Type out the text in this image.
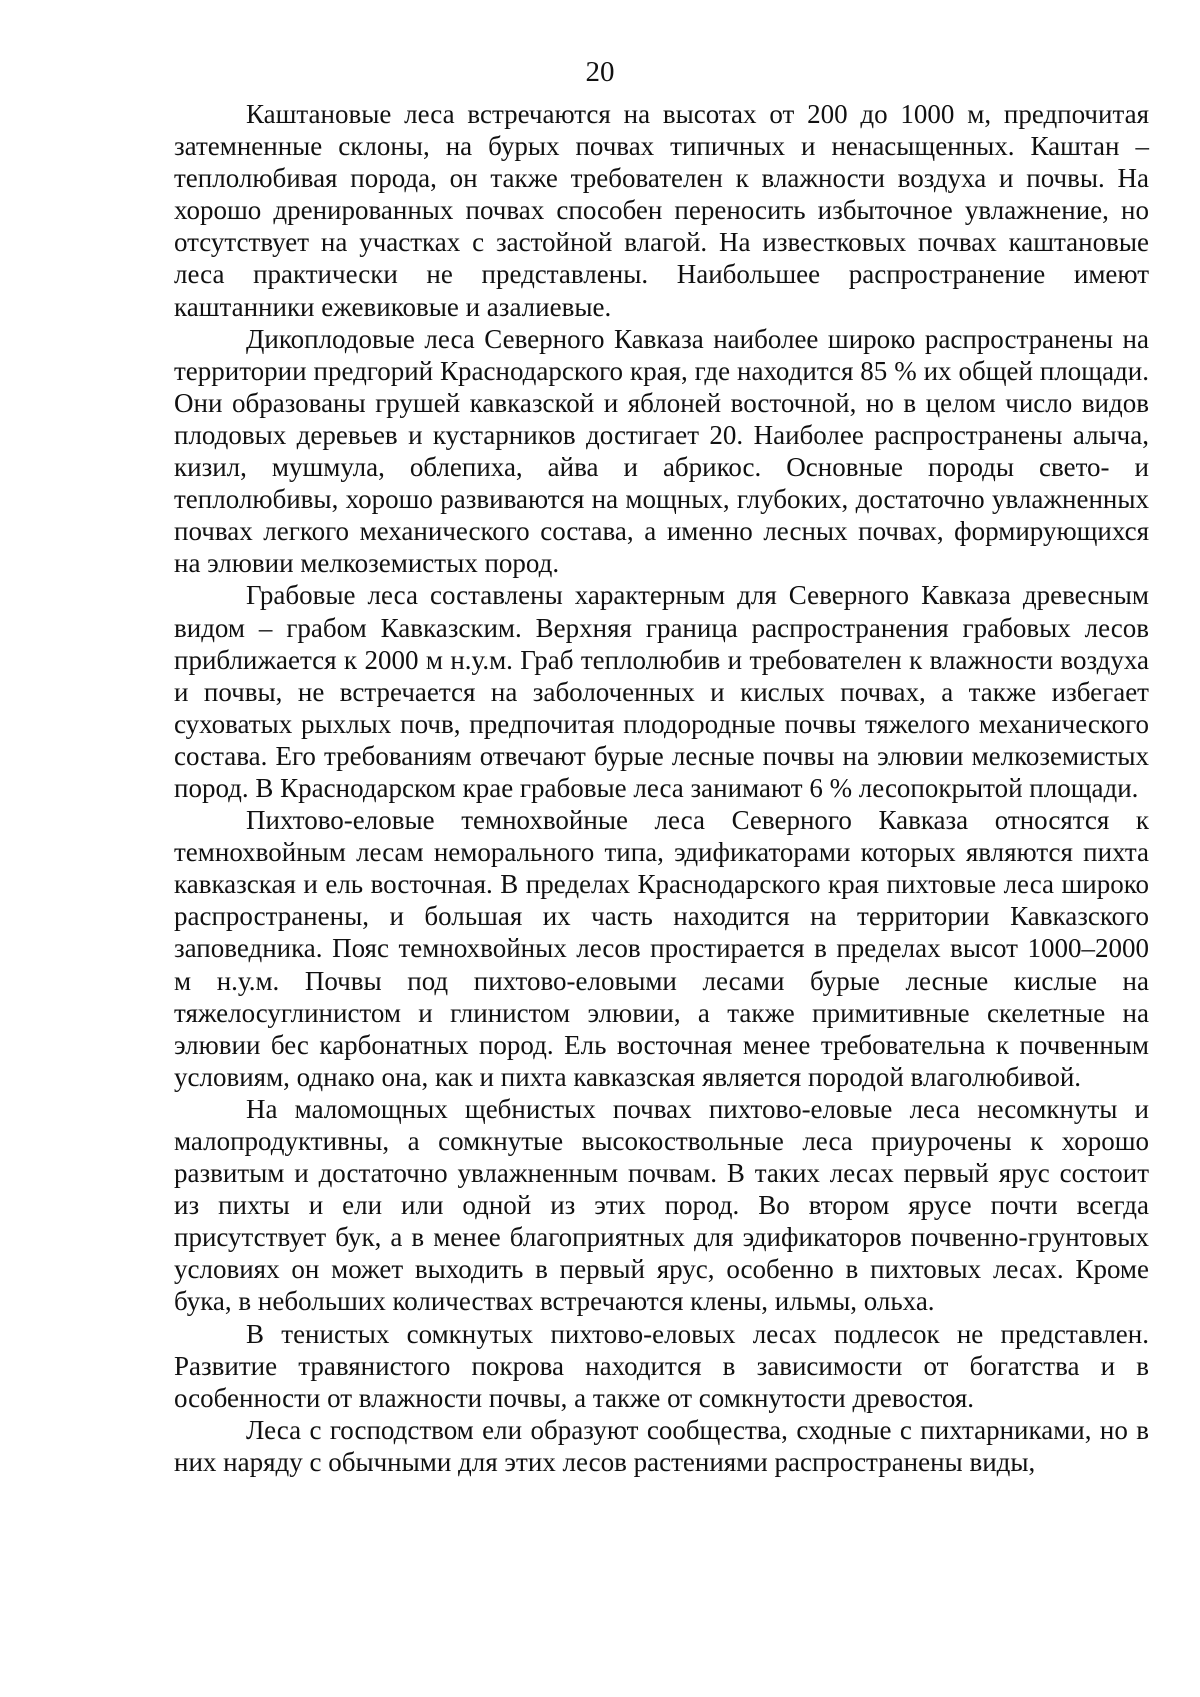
20

Каштановые леса встречаются на высотах от 200 до 1000 м, предпочитая затемненные склоны, на бурых почвах типичных и ненасыщенных. Каштан – теплолюбивая порода, он также требователен к влажности воздуха и почвы. На хорошо дренированных почвах способен переносить избыточное увлажнение, но отсутствует на участках с застойной влагой. На известковых почвах каштановые леса практически не представлены. Наибольшее распространение имеют каштанники ежевиковые и азалиевые.

Дикоплодовые леса Северного Кавказа наиболее широко распространены на территории предгорий Краснодарского края, где находится 85 % их общей площади. Они образованы грушей кавказской и яблоней восточной, но в целом число видов плодовых деревьев и кустарников достигает 20. Наиболее распространены алыча, кизил, мушмула, облепиха, айва и абрикос. Основные породы свето- и теплолюбивы, хорошо развиваются на мощных, глубоких, достаточно увлажненных почвах легкого механического состава, а именно лесных почвах, формирующихся на элювии мелкоземистых пород.

Грабовые леса составлены характерным для Северного Кавказа древесным видом – грабом Кавказским. Верхняя граница распространения грабовых лесов приближается к 2000 м н.у.м. Граб теплолюбив и требователен к влажности воздуха и почвы, не встречается на заболоченных и кислых почвах, а также избегает суховатых рыхлых почв, предпочитая плодородные почвы тяжелого механического состава. Его требованиям отвечают бурые лесные почвы на элювии мелкоземистых пород. В Краснодарском крае грабовые леса занимают 6 % лесопокрытой площади.

Пихтово-еловые темнохвойные леса Северного Кавказа относятся к темнохвойным лесам неморального типа, эдификаторами которых являются пихта кавказская и ель восточная. В пределах Краснодарского края пихтовые леса широко распространены, и большая их часть находится на территории Кавказского заповедника. Пояс темнохвойных лесов простирается в пределах высот 1000–2000 м н.у.м. Почвы под пихтово-еловыми лесами бурые лесные кислые на тяжелосуглинистом и глинистом элювии, а также примитивные скелетные на элювии бес карбонатных пород. Ель восточная менее требовательна к почвенным условиям, однако она, как и пихта кавказская является породой влаголюбивой.

На маломощных щебнистых почвах пихтово-еловые леса несомкнуты и малопродуктивны, а сомкнутые высокоствольные леса приурочены к хорошо развитым и достаточно увлажненным почвам. В таких лесах первый ярус состоит из пихты и ели или одной из этих пород. Во втором ярусе почти всегда присутствует бук, а в менее благоприятных для эдификаторов почвенно-грунтовых условиях он может выходить в первый ярус, особенно в пихтовых лесах. Кроме бука, в небольших количествах встречаются клены, ильмы, ольха.

В тенистых сомкнутых пихтово-еловых лесах подлесок не представлен. Развитие травянистого покрова находится в зависимости от богатства и в особенности от влажности почвы, а также от сомкнутости древостоя.

Леса с господством ели образуют сообщества, сходные с пихтарниками, но в них наряду с обычными для этих лесов растениями распространены виды,
